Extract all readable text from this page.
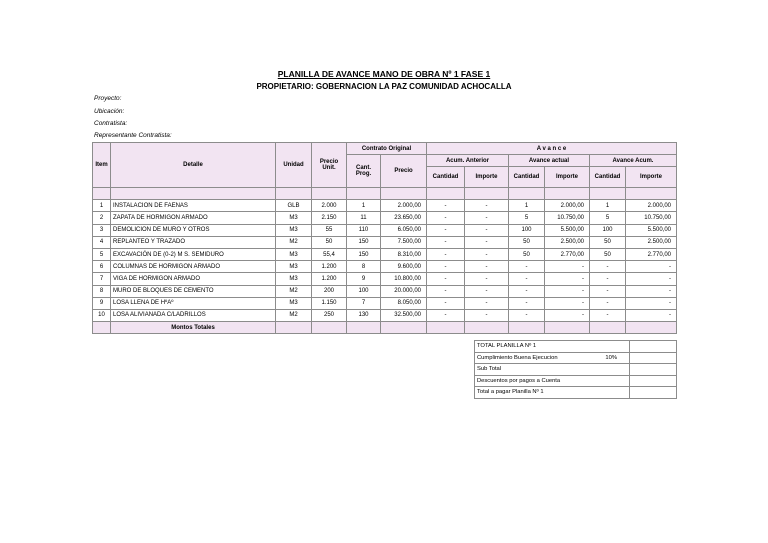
PLANILLA DE AVANCE MANO DE OBRA Nº 1 FASE 1
PROPIETARIO: GOBERNACION LA PAZ COMUNIDAD ACHOCALLA
Proyecto:
Ubicación:
Contratista:
Representante Contratista:
Item	Detalle	Unidad	Precio Unit.	Contrato Original		A v a n c e					
				Cant. Prog.	Precio	Acum. Anterior		Avance actual		Avance Acum.	
						Cantidad	Importe	Cantidad	Importe	Cantidad	Importe

1	INSTALACION DE FAENAS	GLB	2.000	1	2.000,00	-	-	1	2.000,00	1	2.000,00
2	ZAPATA DE HORMIGON ARMADO	M3	2.150	11	23.650,00	-	-	5	10.750,00	5	10.750,00
3	DEMOLICION DE MURO Y OTROS	M3	55	110	6.050,00	-	-	100	5.500,00	100	5.500,00
4	REPLANTEO Y TRAZADO	M2	50	150	7.500,00	-	-	50	2.500,00	50	2.500,00
5	EXCAVACIÓN DE (0-2) M S. SEMIDURO	M3	55,4	150	8.310,00	-	-	50	2.770,00	50	2.770,00
6	COLUMNAS DE HORMIGON ARMADO	M3	1.200	8	9.600,00	-	-	-	-	-	-
7	VIGA DE HORMIGON ARMADO	M3	1.200	9	10.800,00	-	-	-	-	-	-
8	MURO DE BLOQUES DE CEMENTO	M2	200	100	20.000,00	-	-	-	-	-	-
9	LOSA LLENA DE HºAº	M3	1.150	7	8.050,00	-	-	-	-	-	-
10	LOSA ALIVIANADA C/LADRILLOS	M2	250	130	32.500,00	-	-	-	-	-	-
	Montos Totales										
TOTAL PLANILLA Nº 1	
Cumplimiento Buena Ejecucion 10%	

Sub Total	
Descuentos por pagos a Cuenta	
Total a pagar Planilla Nº 1	
